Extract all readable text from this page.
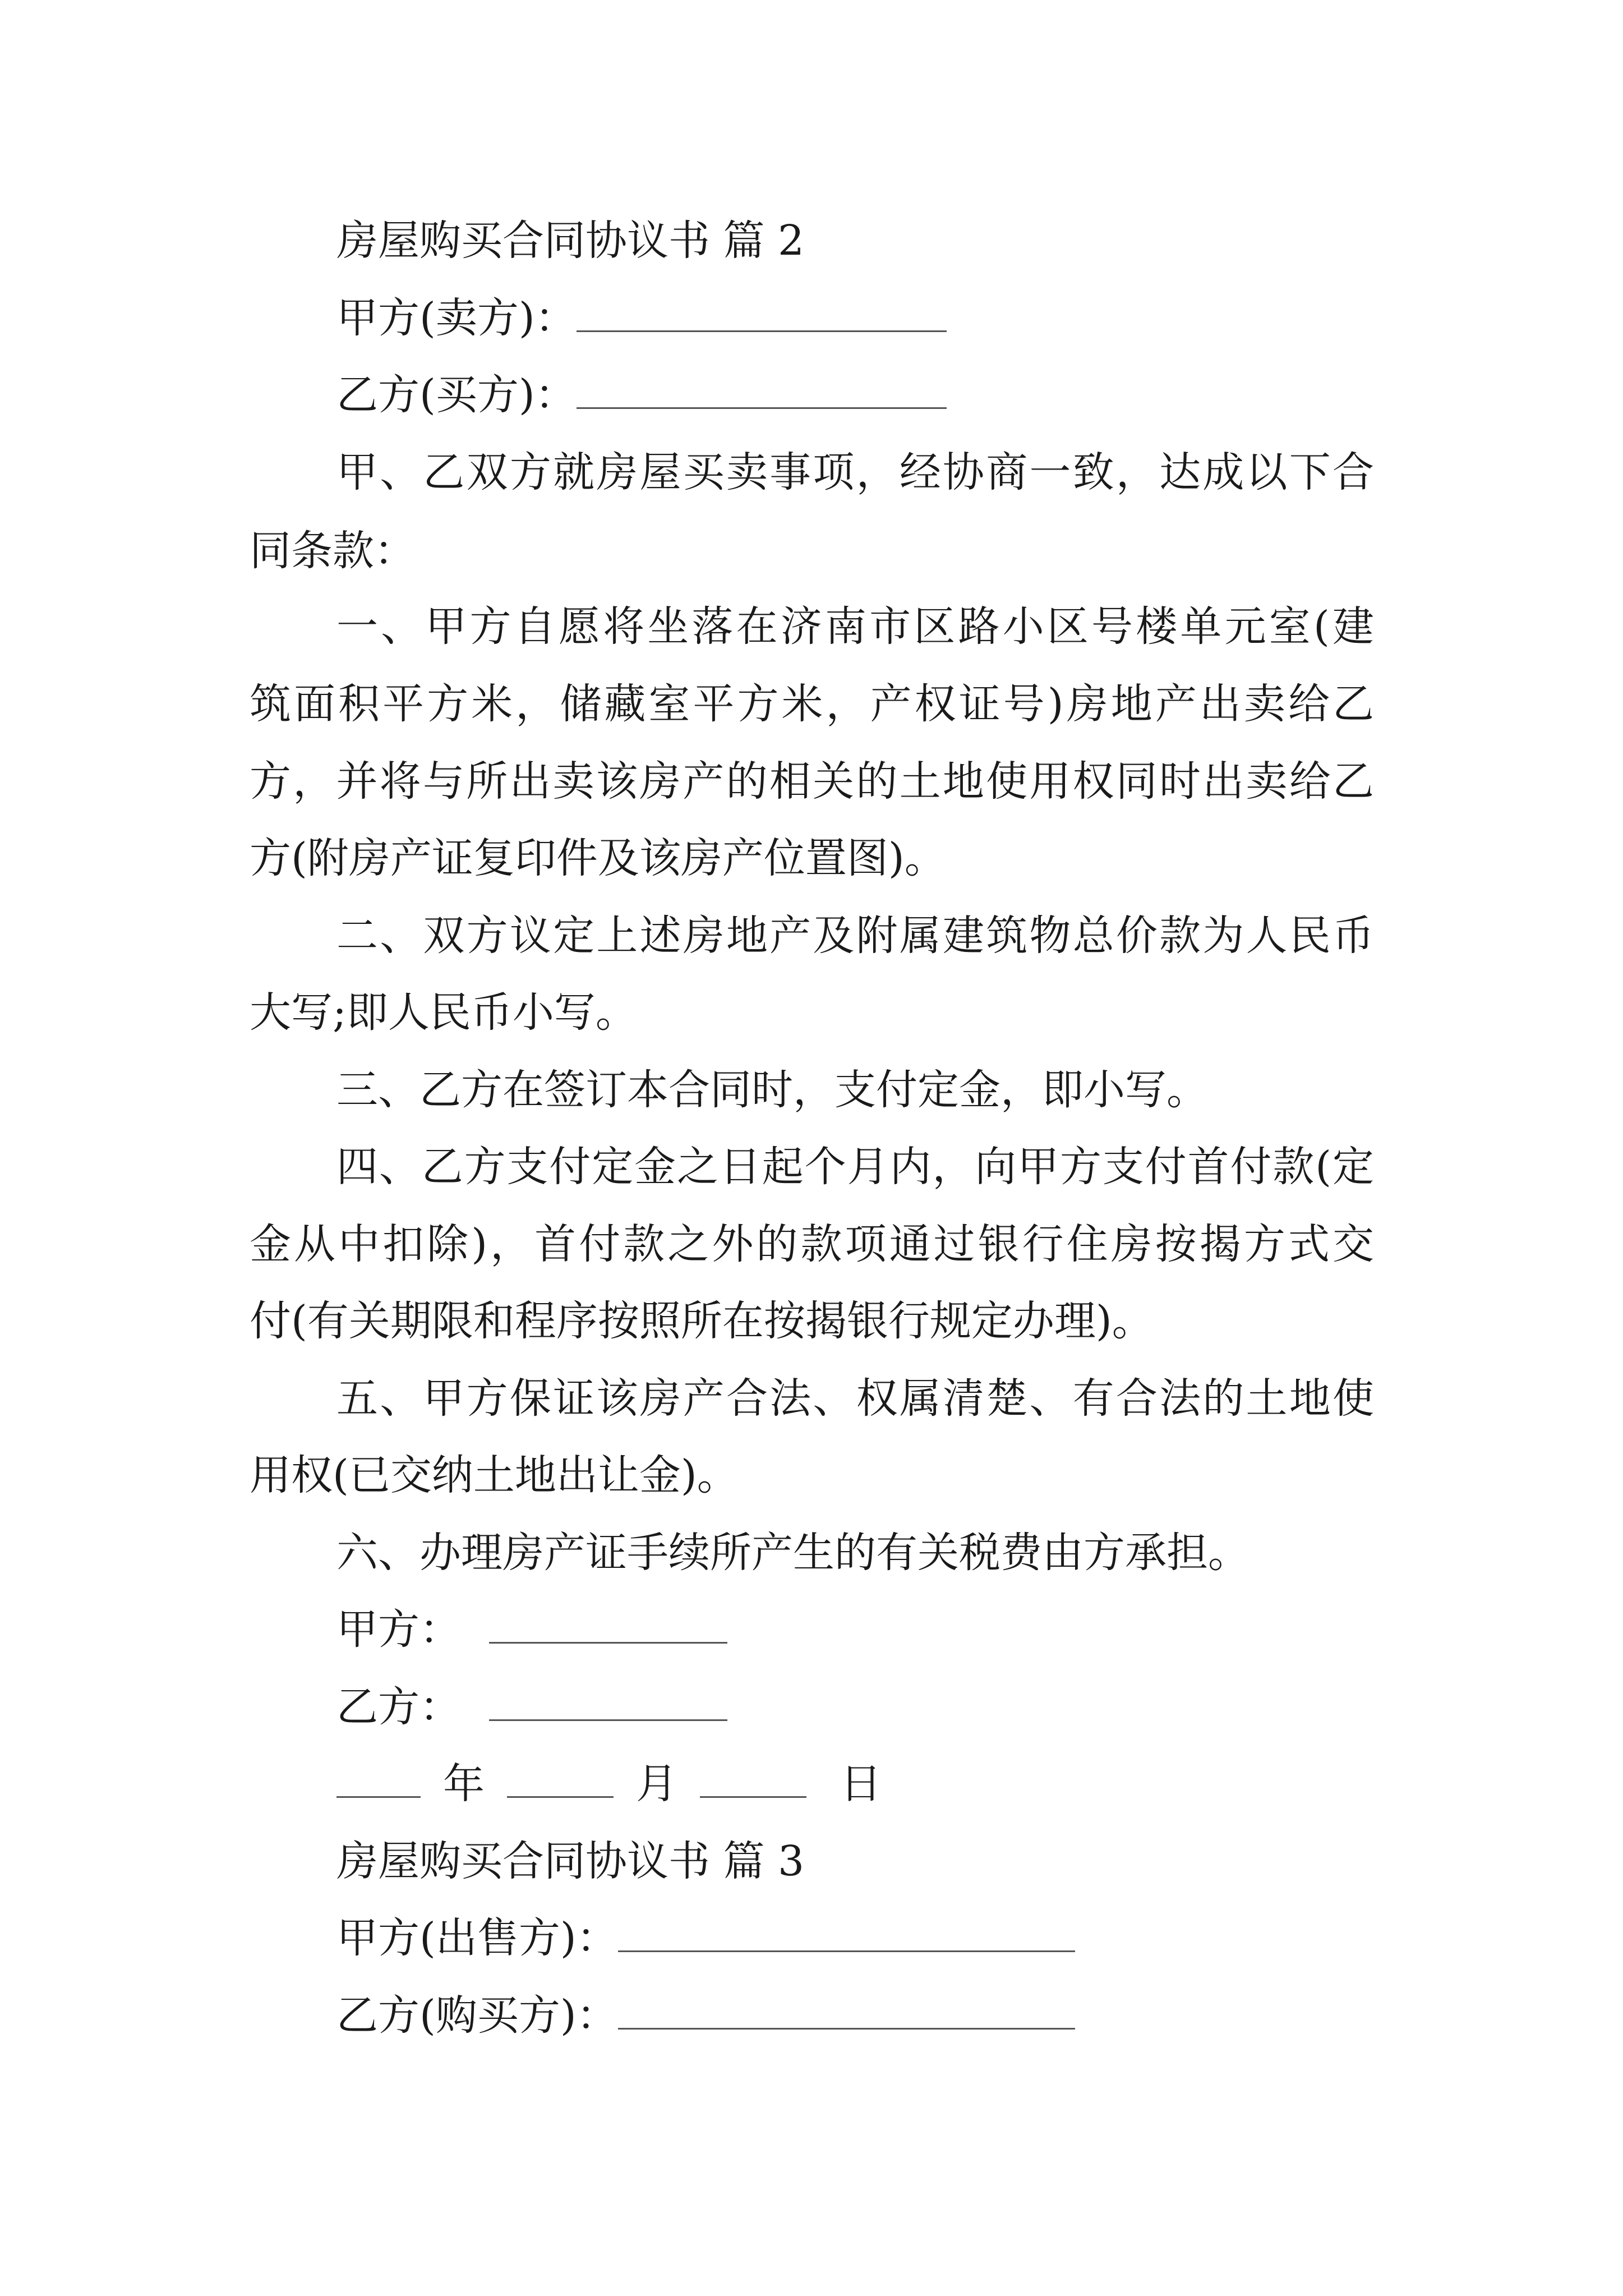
房屋购买合同协议书 篇 2
甲方(卖方)：
乙方(买方)：
甲、乙双方就房屋买卖事项，经协商一致，达成以下合
同条款：
一、甲方自愿将坐落在济南市区路小区号楼单元室(建
筑面积平方米，储藏室平方米，产权证号)房地产出卖给乙
方，并将与所出卖该房产的相关的土地使用权同时出卖给乙
方(附房产证复印件及该房产位置图)。
二、双方议定上述房地产及附属建筑物总价款为人民币
大写;即人民币小写。
三、乙方在签订本合同时，支付定金，即小写。
四、乙方支付定金之日起个月内，向甲方支付首付款(定
金从中扣除)，首付款之外的款项通过银行住房按揭方式交
付(有关期限和程序按照所在按揭银行规定办理)。
五、甲方保证该房产合法、权属清楚、有合法的土地使
用权(已交纳土地出让金)。
六、办理房产证手续所产生的有关税费由方承担。
甲方：
乙方：
年	月	日
房屋购买合同协议书 篇 3
甲方(出售方)：
乙方(购买方)：
